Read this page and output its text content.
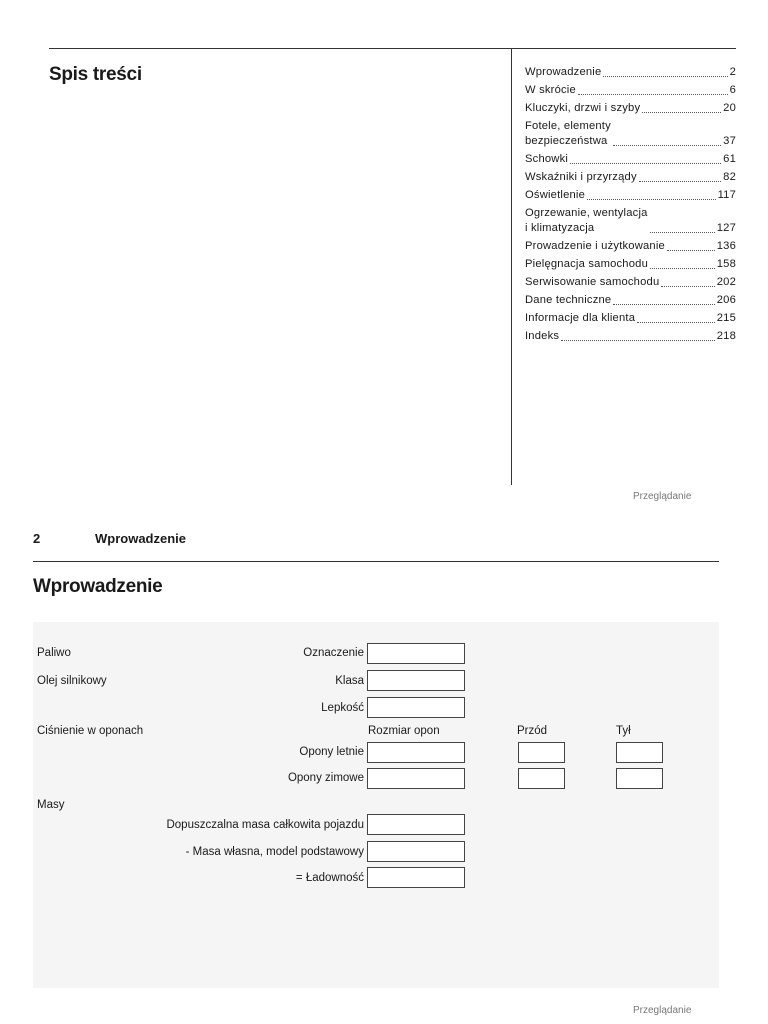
Spis treści	Wprowadzenie	2
W skrócie	6
Kluczyki, drzwi i szyby	20
Fotele, elementy
bezpieczeństwa	37
Schowki	61
Wskaźniki i przyrządy	82
Oświetlenie	117
Ogrzewanie, wentylacja
i klimatyzacja	127
Prowadzenie i użytkowanie	136
Pielęgnacja samochodu	158
Serwisowanie samochodu	202
Dane techniczne	206
Informacje dla klienta	215
Indeks	218
Przeglądanie
2	Wprowadzenie
Wprowadzenie
Paliwo	Oznaczenie
Olej silnikowy	Klasa
Lepkość
Ciśnienie w oponach	Rozmiar opon	Przód	Tył
Opony letnie
Opony zimowe
Masy
Dopuszczalna masa całkowita pojazdu
- Masa własna, model podstawowy
= Ładowność
Przeglądanie
